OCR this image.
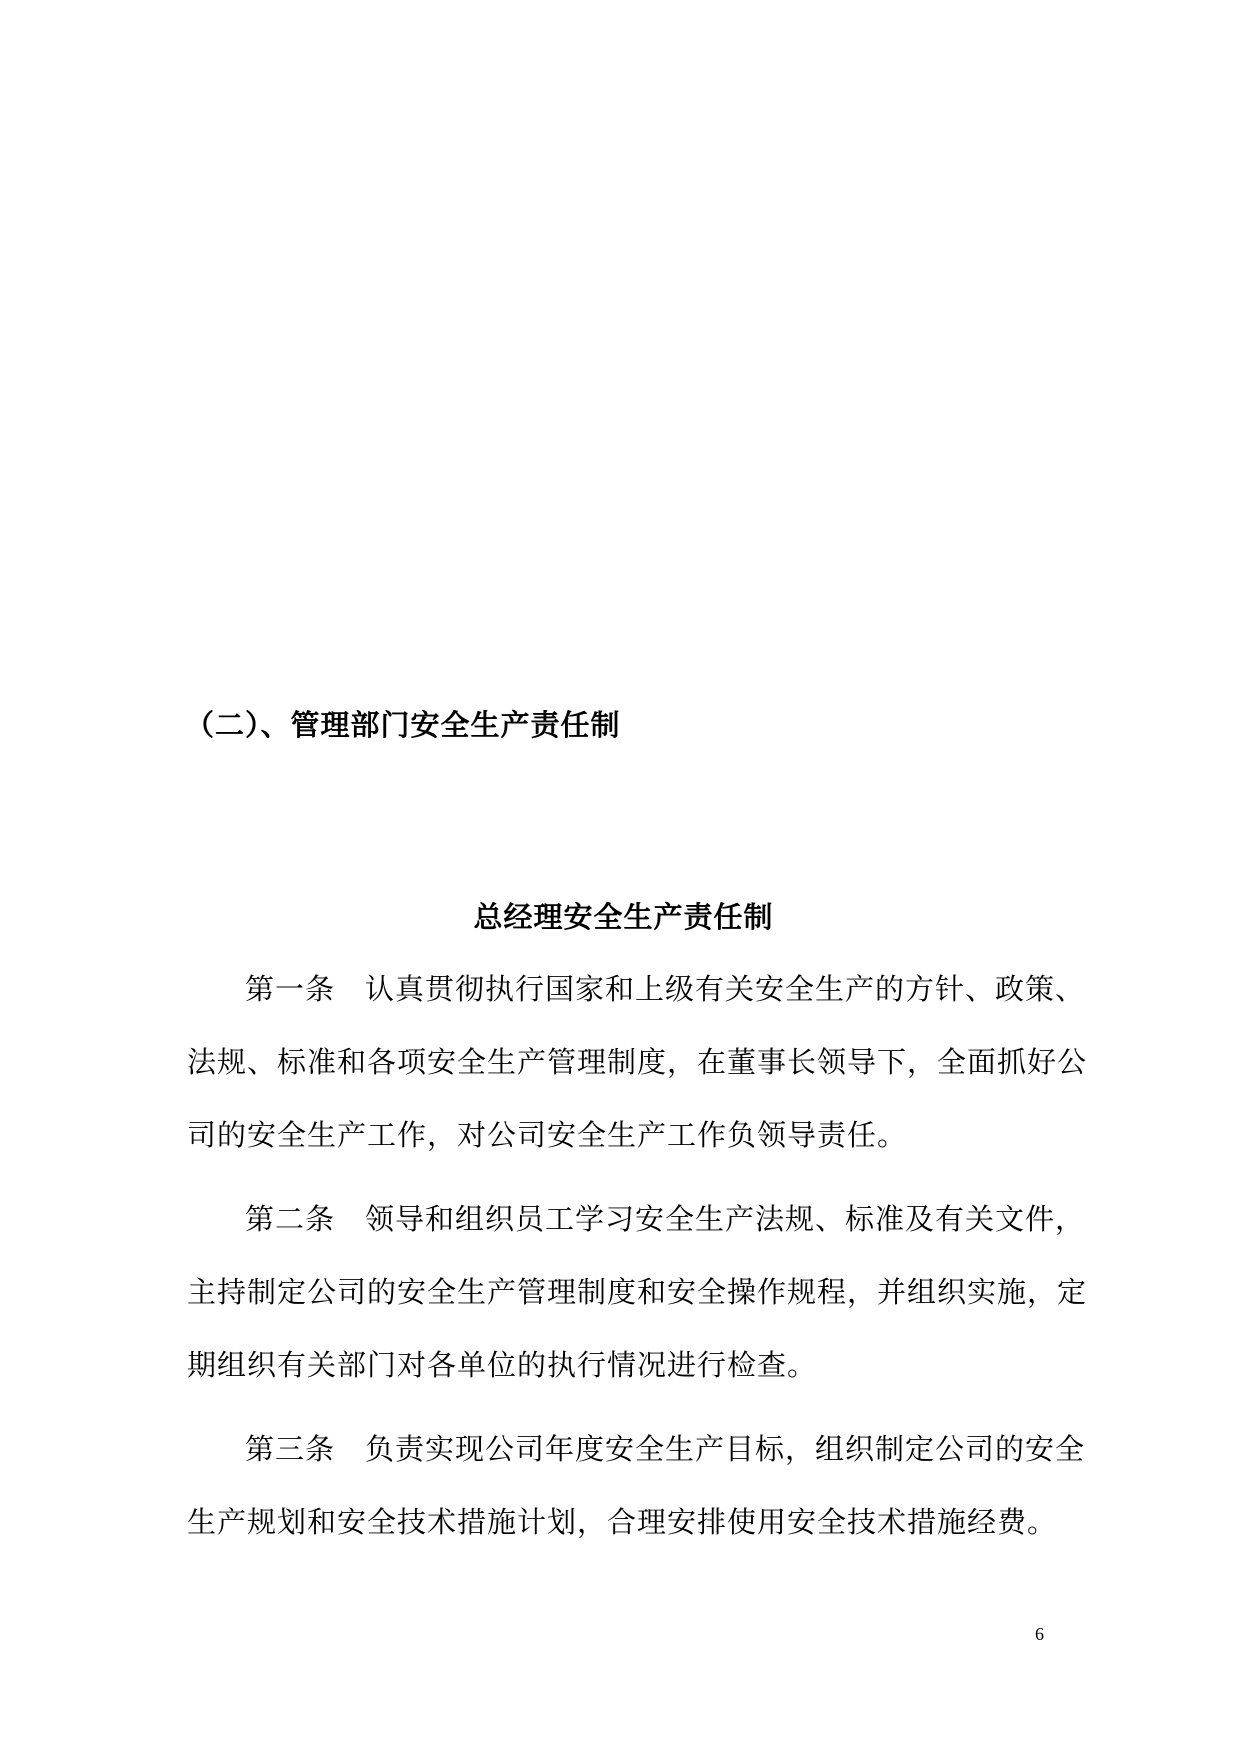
（二）、管理部门安全生产责任制
总经理安全生产责任制
第一条 认真贯彻执行国家和上级有关安全生产的方针、政策、
法规、标准和各项安全生产管理制度，在董事长领导下，全面抓好公
司的安全生产工作，对公司安全生产工作负领导责任。
第二条 领导和组织员工学习安全生产法规、标准及有关文件，
主持制定公司的安全生产管理制度和安全操作规程，并组织实施，定
期组织有关部门对各单位的执行情况进行检查。
第三条 负责实现公司年度安全生产目标，组织制定公司的安全
生产规划和安全技术措施计划，合理安排使用安全技术措施经费。
6
